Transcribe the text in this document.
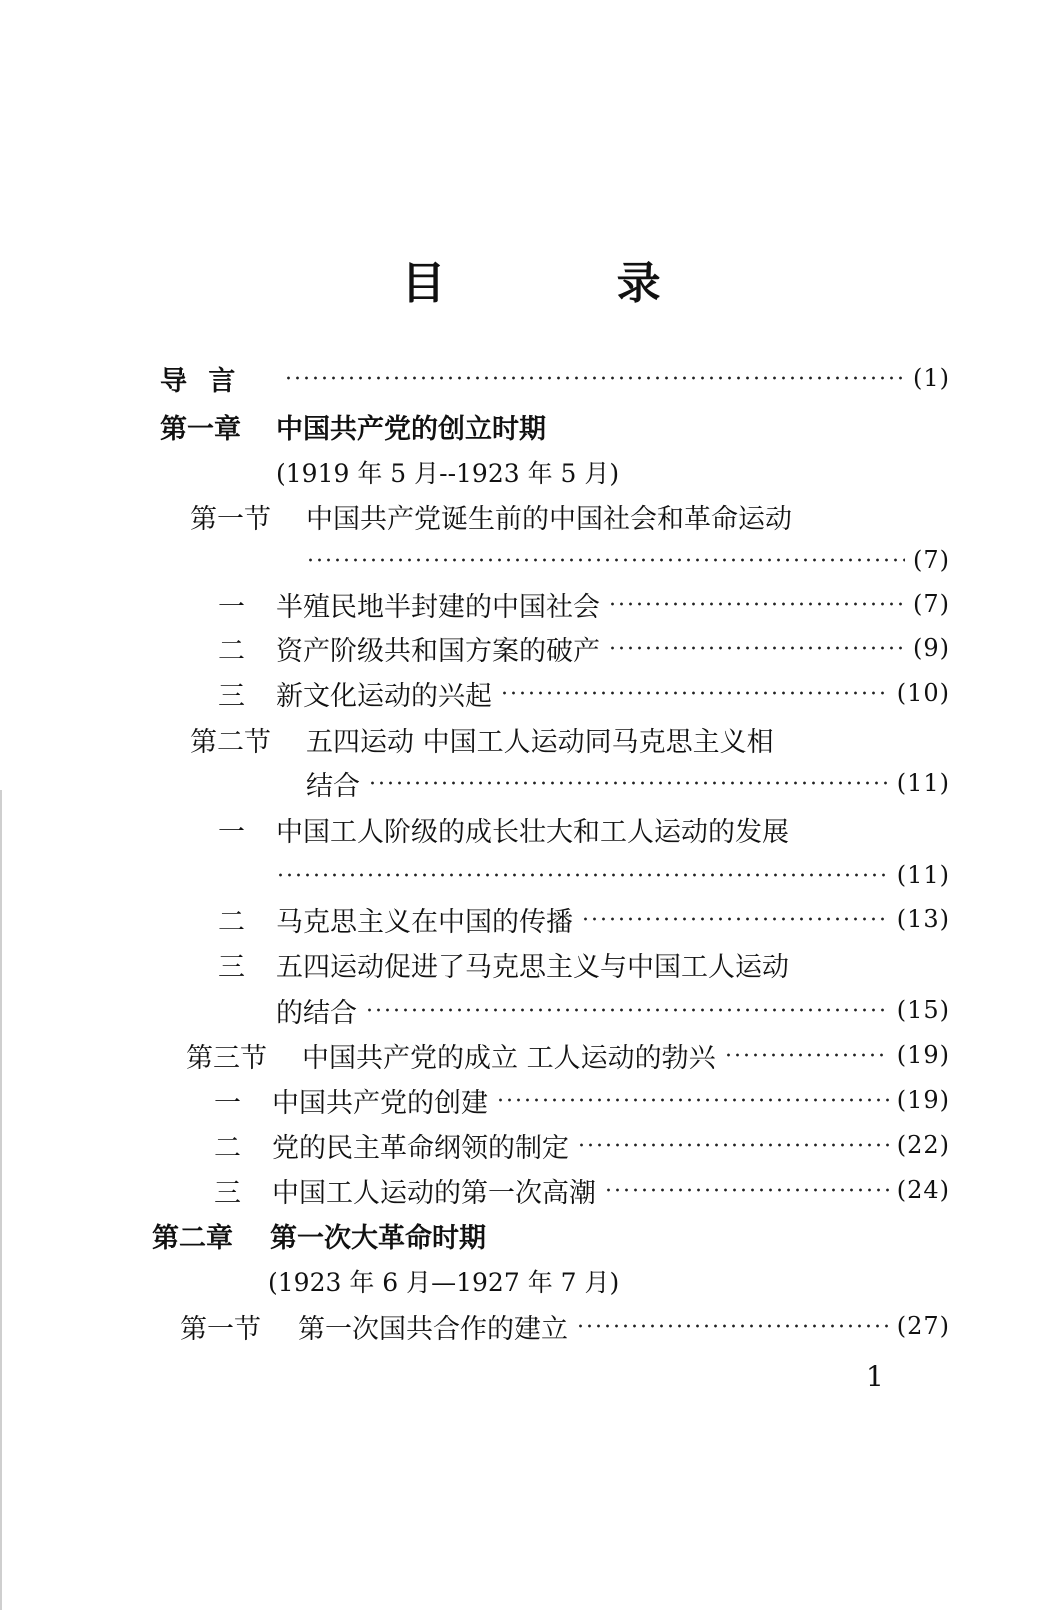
目 录
导 言	(1)
第一章	中国共产党的创立时期
(1919 年 5 月--1923 年 5 月)
第一节	中国共产党诞生前的中国社会和革命运动
(7)
一	半殖民地半封建的中国社会	(7)
二	资产阶级共和国方案的破产	(9)
三	新文化运动的兴起	(10)
第二节	五四运动 中国工人运动同马克思主义相
结合	(11)
一	中国工人阶级的成长壮大和工人运动的发展
(11)
二	马克思主义在中国的传播	(13)
三	五四运动促进了马克思主义与中国工人运动
的结合	(15)
第三节	中国共产党的成立 工人运动的勃兴	(19)
一	中国共产党的创建	(19)
二	党的民主革命纲领的制定	(22)
三	中国工人运动的第一次高潮	(24)
第二章	第一次大革命时期
(1923 年 6 月—1927 年 7 月)
第一节	第一次国共合作的建立	(27)
1
